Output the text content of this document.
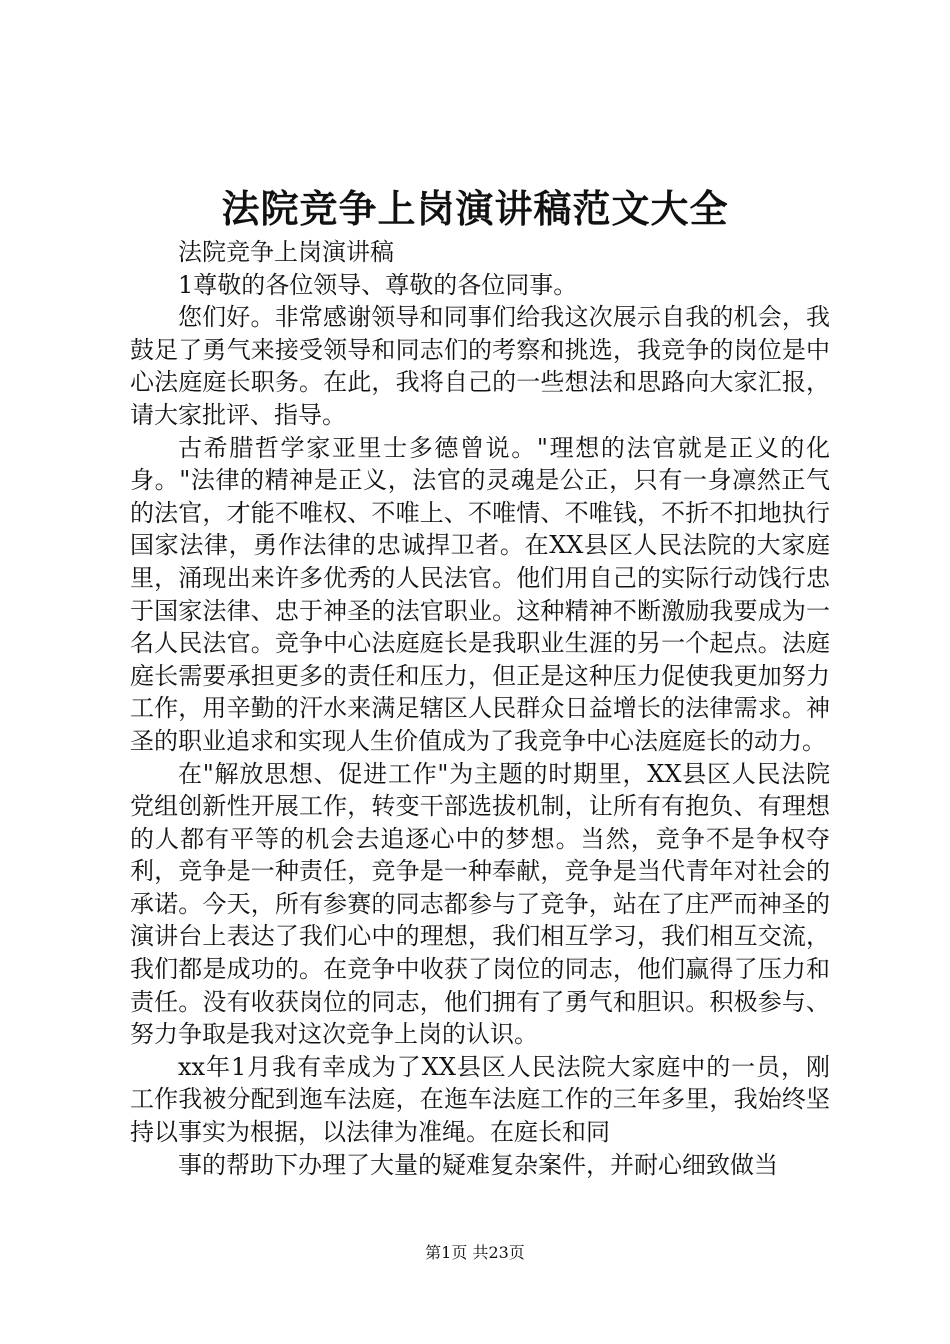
法院竞争上岗演讲稿范文大全

法院竞争上岗演讲稿

1尊敬的各位领导、尊敬的各位同事。

您们好。非常感谢领导和同事们给我这次展示自我的机会，我鼓足了勇气来接受领导和同志们的考察和挑选，我竞争的岗位是中心法庭庭长职务。在此，我将自己的一些想法和思路向大家汇报，请大家批评、指导。

古希腊哲学家亚里士多德曾说。"理想的法官就是正义的化身。"法律的精神是正义，法官的灵魂是公正，只有一身凛然正气的法官，才能不唯权、不唯上、不唯情、不唯钱，不折不扣地执行国家法律，勇作法律的忠诚捍卫者。在XX县区人民法院的大家庭里，涌现出来许多优秀的人民法官。他们用自己的实际行动饯行忠于国家法律、忠于神圣的法官职业。这种精神不断激励我要成为一名人民法官。竞争中心法庭庭长是我职业生涯的另一个起点。法庭庭长需要承担更多的责任和压力，但正是这种压力促使我更加努力工作，用辛勤的汗水来满足辖区人民群众日益增长的法律需求。神圣的职业追求和实现人生价值成为了我竞争中心法庭庭长的动力。

在"解放思想、促进工作"为主题的时期里，XX县区人民法院党组创新性开展工作，转变干部选拔机制，让所有有抱负、有理想的人都有平等的机会去追逐心中的梦想。当然，竞争不是争权夺利，竞争是一种责任，竞争是一种奉献，竞争是当代青年对社会的承诺。今天，所有参赛的同志都参与了竞争，站在了庄严而神圣的演讲台上表达了我们心中的理想，我们相互学习，我们相互交流，我们都是成功的。在竞争中收获了岗位的同志，他们赢得了压力和责任。没有收获岗位的同志，他们拥有了勇气和胆识。积极参与、努力争取是我对这次竞争上岗的认识。

xx年1月我有幸成为了XX县区人民法院大家庭中的一员，刚工作我被分配到迤车法庭，在迤车法庭工作的三年多里，我始终坚持以事实为根据，以法律为准绳。在庭长和同

事的帮助下办理了大量的疑难复杂案件，并耐心细致做当

第1页 共23页
